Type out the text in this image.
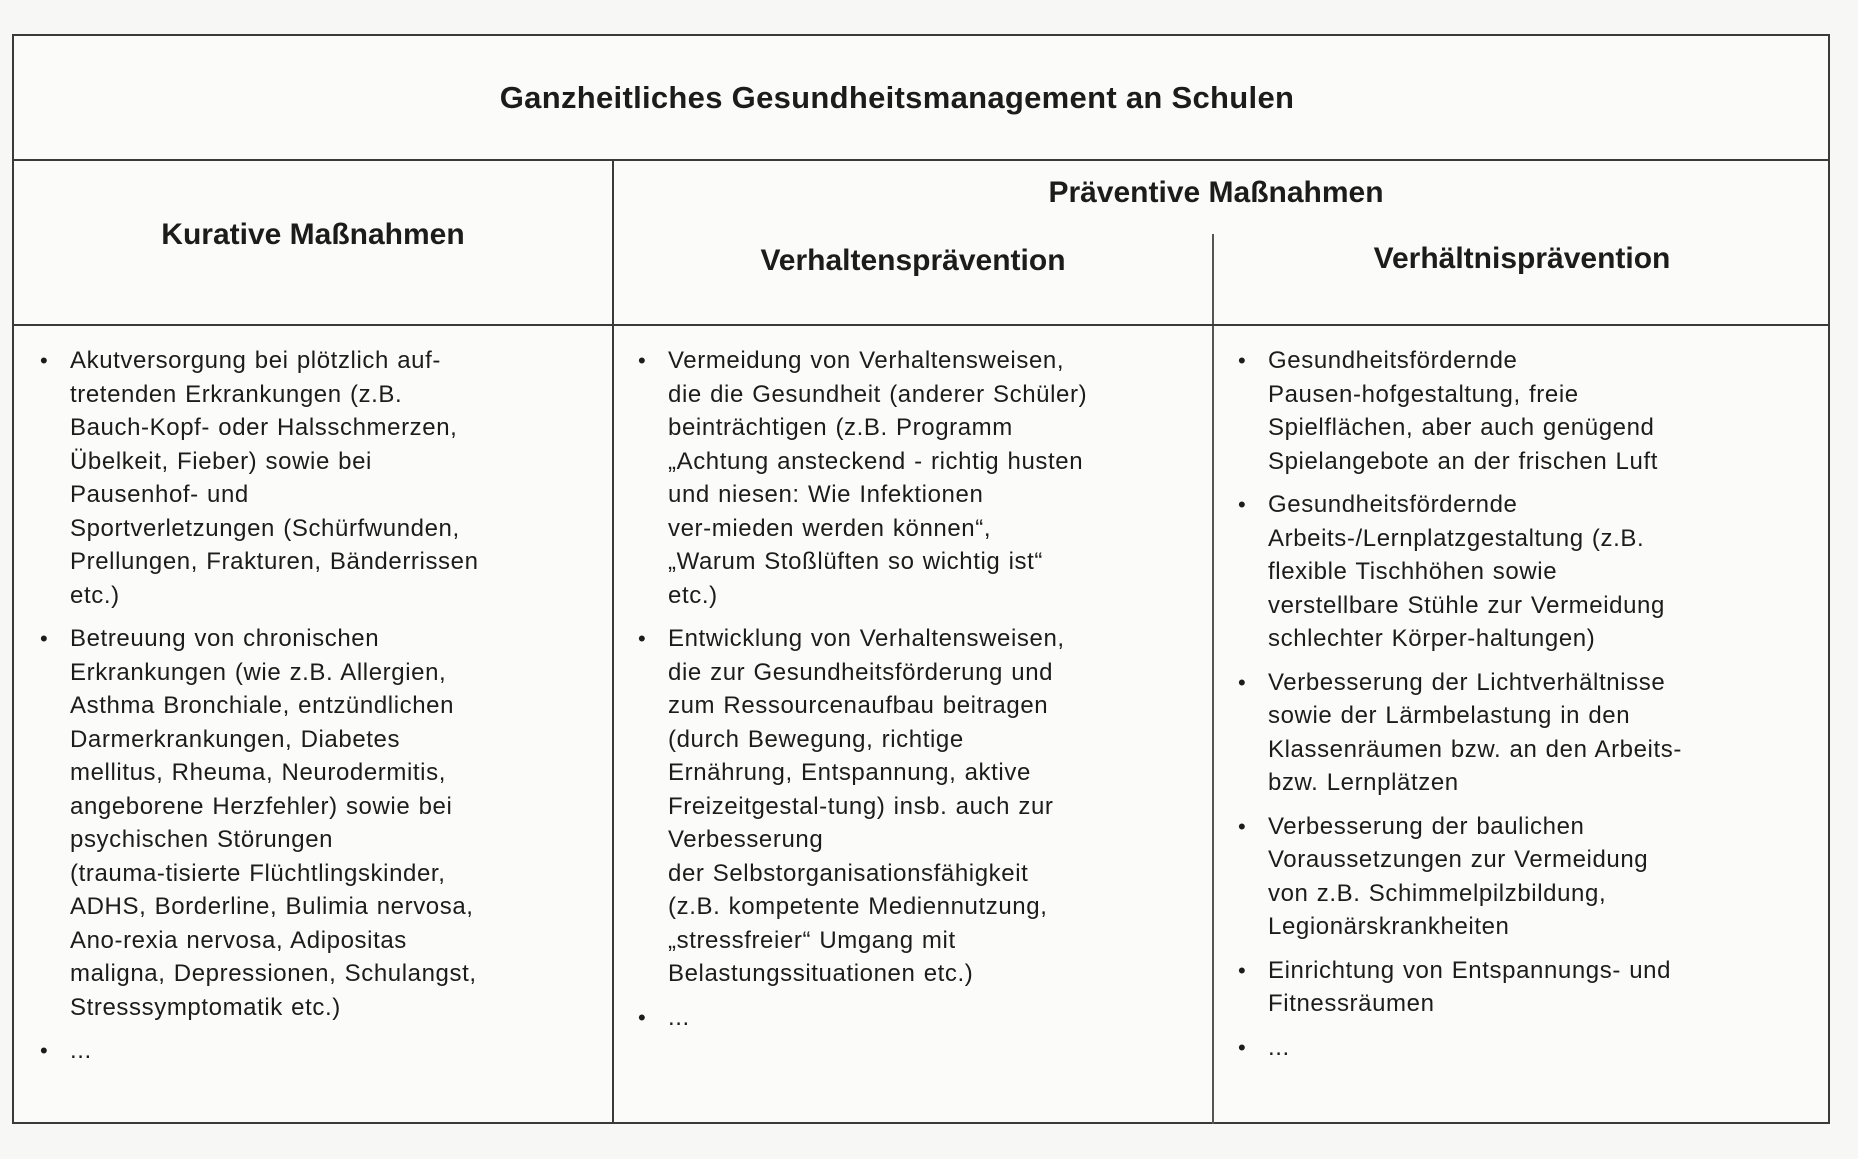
Ganzheitliches Gesundheitsmanagement an Schulen
Kurative Maßnahmen
Präventive Maßnahmen
Verhaltensprävention	Verhältnisprävention
• Akutversorgung bei plötzlich auf-
tretenden Erkrankungen (z.B.
Bauch-Kopf- oder Halsschmerzen,
Übelkeit, Fieber) sowie bei
Pausenhof- und
Sportverletzungen (Schürfwunden,
Prellungen, Frakturen, Bänderrissen
etc.)
• Betreuung von chronischen
Erkrankungen (wie z.B. Allergien,
Asthma Bronchiale, entzündlichen
Darmerkrankungen, Diabetes
mellitus, Rheuma, Neurodermitis,
angeborene Herzfehler) sowie bei
psychischen Störungen
(trauma-tisierte Flüchtlingskinder,
ADHS, Borderline, Bulimia nervosa,
Ano-rexia nervosa, Adipositas
maligna, Depressionen, Schulangst,
Stresssymptomatik etc.)
• ...
• Vermeidung von Verhaltensweisen,
die die Gesundheit (anderer Schüler)
beinträchtigen (z.B. Programm
„Achtung ansteckend - richtig husten
und niesen: Wie Infektionen
ver-mieden werden können“,
„Warum Stoßlüften so wichtig ist“
etc.)
• Entwicklung von Verhaltensweisen,
die zur Gesundheitsförderung und
zum Ressourcenaufbau beitragen
(durch Bewegung, richtige
Ernährung, Entspannung, aktive
Freizeitgestal-tung) insb. auch zur
Verbesserung
der Selbstorganisationsfähigkeit
(z.B. kompetente Mediennutzung,
„stressfreier“ Umgang mit
Belastungssituationen etc.)
• ...
• Gesundheitsfördernde
Pausen-hofgestaltung, freie
Spielflächen, aber auch genügend
Spielangebote an der frischen Luft
• Gesundheitsfördernde
Arbeits-/Lernplatzgestaltung (z.B.
flexible Tischhöhen sowie
verstellbare Stühle zur Vermeidung
schlechter Körper-haltungen)
• Verbesserung der Lichtverhältnisse
sowie der Lärmbelastung in den
Klassenräumen bzw. an den Arbeits-
bzw. Lernplätzen
• Verbesserung der baulichen
Voraussetzungen zur Vermeidung
von z.B. Schimmelpilzbildung,
Legionärskrankheiten
• Einrichtung von Entspannungs- und
Fitnessräumen
• ...
